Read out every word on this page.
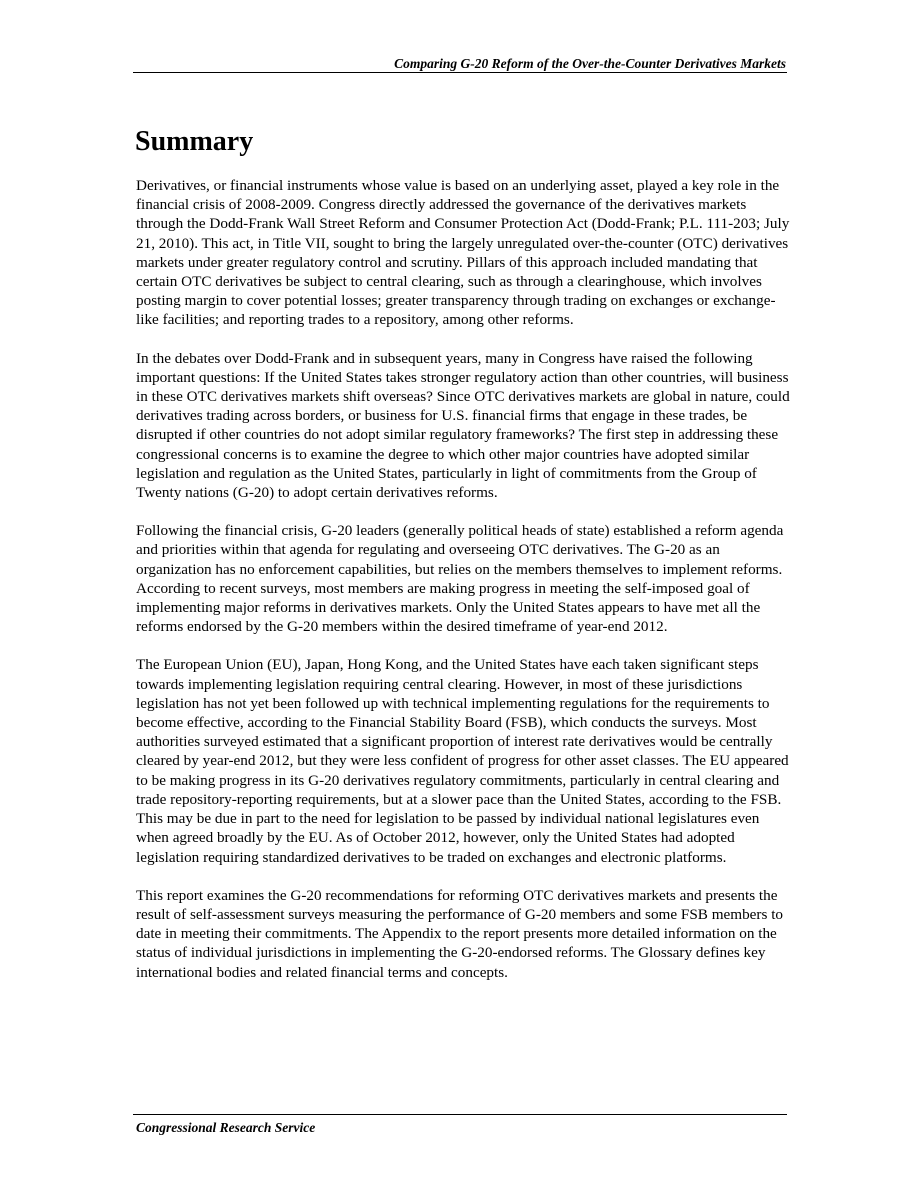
Comparing G-20 Reform of the Over-the-Counter Derivatives Markets
Summary

Derivatives, or financial instruments whose value is based on an underlying asset, played a key role in the financial crisis of 2008-2009. Congress directly addressed the governance of the derivatives markets through the Dodd-Frank Wall Street Reform and Consumer Protection Act (Dodd-Frank; P.L. 111-203; July 21, 2010). This act, in Title VII, sought to bring the largely unregulated over-the-counter (OTC) derivatives markets under greater regulatory control and scrutiny. Pillars of this approach included mandating that certain OTC derivatives be subject to central clearing, such as through a clearinghouse, which involves posting margin to cover potential losses; greater transparency through trading on exchanges or exchange-like facilities; and reporting trades to a repository, among other reforms.

In the debates over Dodd-Frank and in subsequent years, many in Congress have raised the following important questions: If the United States takes stronger regulatory action than other countries, will business in these OTC derivatives markets shift overseas? Since OTC derivatives markets are global in nature, could derivatives trading across borders, or business for U.S. financial firms that engage in these trades, be disrupted if other countries do not adopt similar regulatory frameworks? The first step in addressing these congressional concerns is to examine the degree to which other major countries have adopted similar legislation and regulation as the United States, particularly in light of commitments from the Group of Twenty nations (G-20) to adopt certain derivatives reforms.

Following the financial crisis, G-20 leaders (generally political heads of state) established a reform agenda and priorities within that agenda for regulating and overseeing OTC derivatives. The G-20 as an organization has no enforcement capabilities, but relies on the members themselves to implement reforms. According to recent surveys, most members are making progress in meeting the self-imposed goal of implementing major reforms in derivatives markets. Only the United States appears to have met all the reforms endorsed by the G-20 members within the desired timeframe of year-end 2012.

The European Union (EU), Japan, Hong Kong, and the United States have each taken significant steps towards implementing legislation requiring central clearing. However, in most of these jurisdictions legislation has not yet been followed up with technical implementing regulations for the requirements to become effective, according to the Financial Stability Board (FSB), which conducts the surveys. Most authorities surveyed estimated that a significant proportion of interest rate derivatives would be centrally cleared by year-end 2012, but they were less confident of progress for other asset classes. The EU appeared to be making progress in its G-20 derivatives regulatory commitments, particularly in central clearing and trade repository-reporting requirements, but at a slower pace than the United States, according to the FSB. This may be due in part to the need for legislation to be passed by individual national legislatures even when agreed broadly by the EU. As of October 2012, however, only the United States had adopted legislation requiring standardized derivatives to be traded on exchanges and electronic platforms.

This report examines the G-20 recommendations for reforming OTC derivatives markets and presents the result of self-assessment surveys measuring the performance of G-20 members and some FSB members to date in meeting their commitments. The Appendix to the report presents more detailed information on the status of individual jurisdictions in implementing the G-20-endorsed reforms. The Glossary defines key international bodies and related financial terms and concepts.

Congressional Research Service
